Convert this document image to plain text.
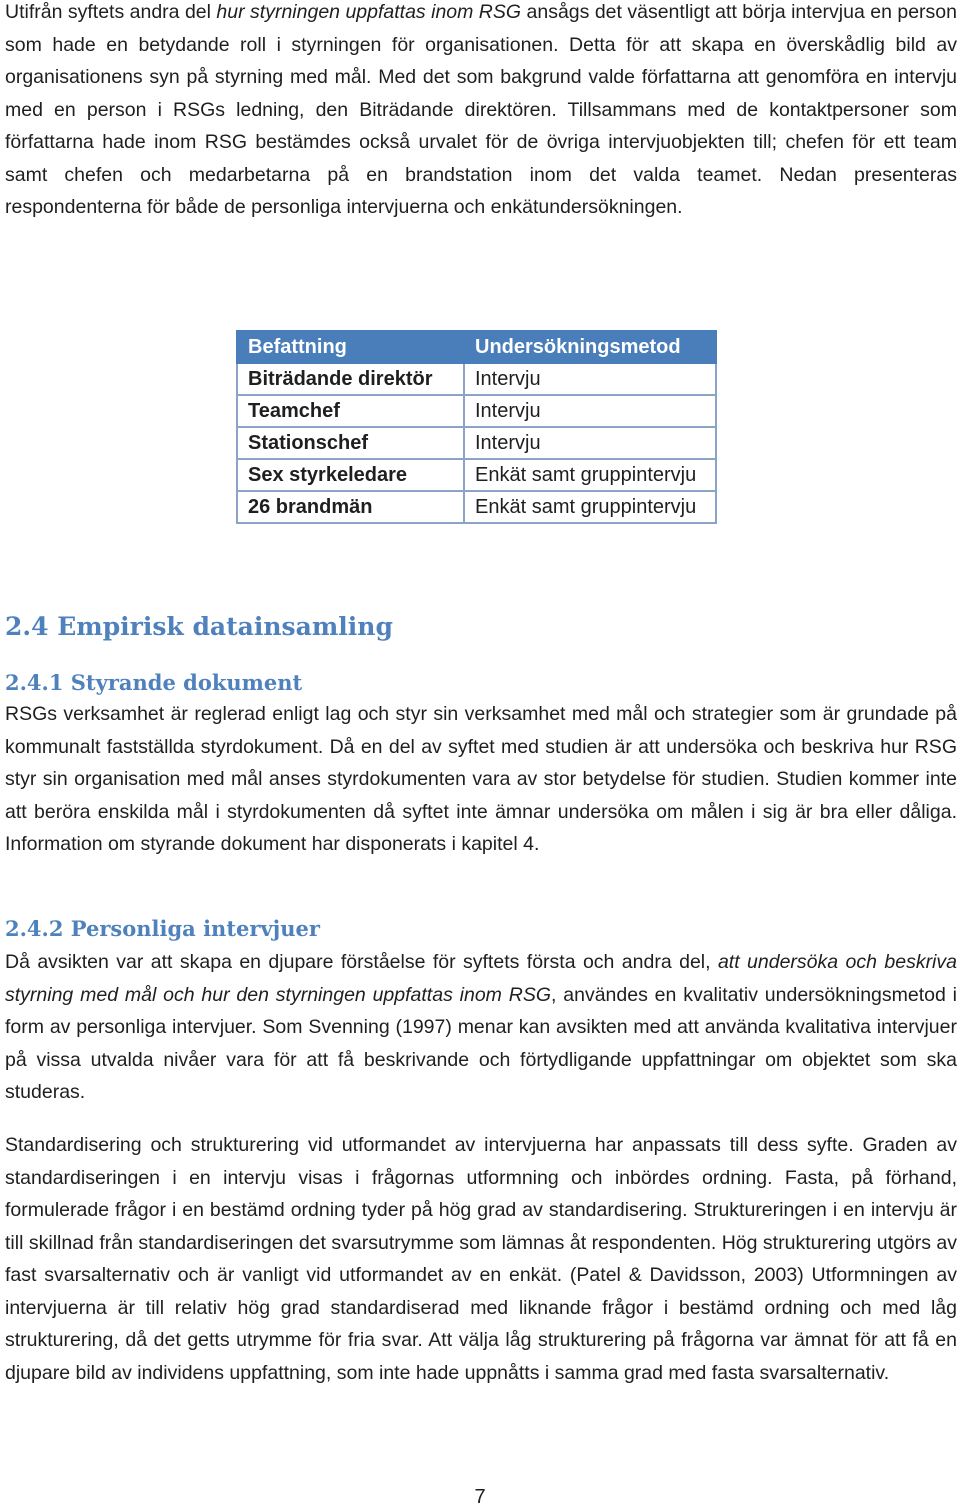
Utifrån syftets andra del hur styrningen uppfattas inom RSG ansågs det väsentligt att börja intervjua en person som hade en betydande roll i styrningen för organisationen. Detta för att skapa en överskådlig bild av organisationens syn på styrning med mål. Med det som bakgrund valde författarna att genomföra en intervju med en person i RSGs ledning, den Biträdande direktören. Tillsammans med de kontaktpersoner som författarna hade inom RSG bestämdes också urvalet för de övriga intervjuobjekten till; chefen för ett team samt chefen och medarbetarna på en brandstation inom det valda teamet. Nedan presenteras respondenterna för både de personliga intervjuerna och enkätundersökningen.

Befattning	Undersökningsmetod
Biträdande direktör	Intervju
Teamchef	Intervju
Stationschef	Intervju
Sex styrkeledare	Enkät samt gruppintervju
26 brandmän	Enkät samt gruppintervju
2.4 Empirisk datainsamling
2.4.1 Styrande dokument

RSGs verksamhet är reglerad enligt lag och styr sin verksamhet med mål och strategier som är grundade på kommunalt fastställda styrdokument. Då en del av syftet med studien är att undersöka och beskriva hur RSG styr sin organisation med mål anses styrdokumenten vara av stor betydelse för studien. Studien kommer inte att beröra enskilda mål i styrdokumenten då syftet inte ämnar undersöka om målen i sig är bra eller dåliga. Information om styrande dokument har disponerats i kapitel 4.

2.4.2 Personliga intervjuer

Då avsikten var att skapa en djupare förståelse för syftets första och andra del, att undersöka och beskriva styrning med mål och hur den styrningen uppfattas inom RSG, användes en kvalitativ undersökningsmetod i form av personliga intervjuer. Som Svenning (1997) menar kan avsikten med att använda kvalitativa intervjuer på vissa utvalda nivåer vara för att få beskrivande och förtydligande uppfattningar om objektet som ska studeras.

Standardisering och strukturering vid utformandet av intervjuerna har anpassats till dess syfte. Graden av standardiseringen i en intervju visas i frågornas utformning och inbördes ordning. Fasta, på förhand, formulerade frågor i en bestämd ordning tyder på hög grad av standardisering. Struktureringen i en intervju är till skillnad från standardiseringen det svarsutrymme som lämnas åt respondenten. Hög strukturering utgörs av fast svarsalternativ och är vanligt vid utformandet av en enkät. (Patel & Davidsson, 2003) Utformningen av intervjuerna är till relativ hög grad standardiserad med liknande frågor i bestämd ordning och med låg strukturering, då det getts utrymme för fria svar. Att välja låg strukturering på frågorna var ämnat för att få en djupare bild av individens uppfattning, som inte hade uppnåtts i samma grad med fasta svarsalternativ.

7
